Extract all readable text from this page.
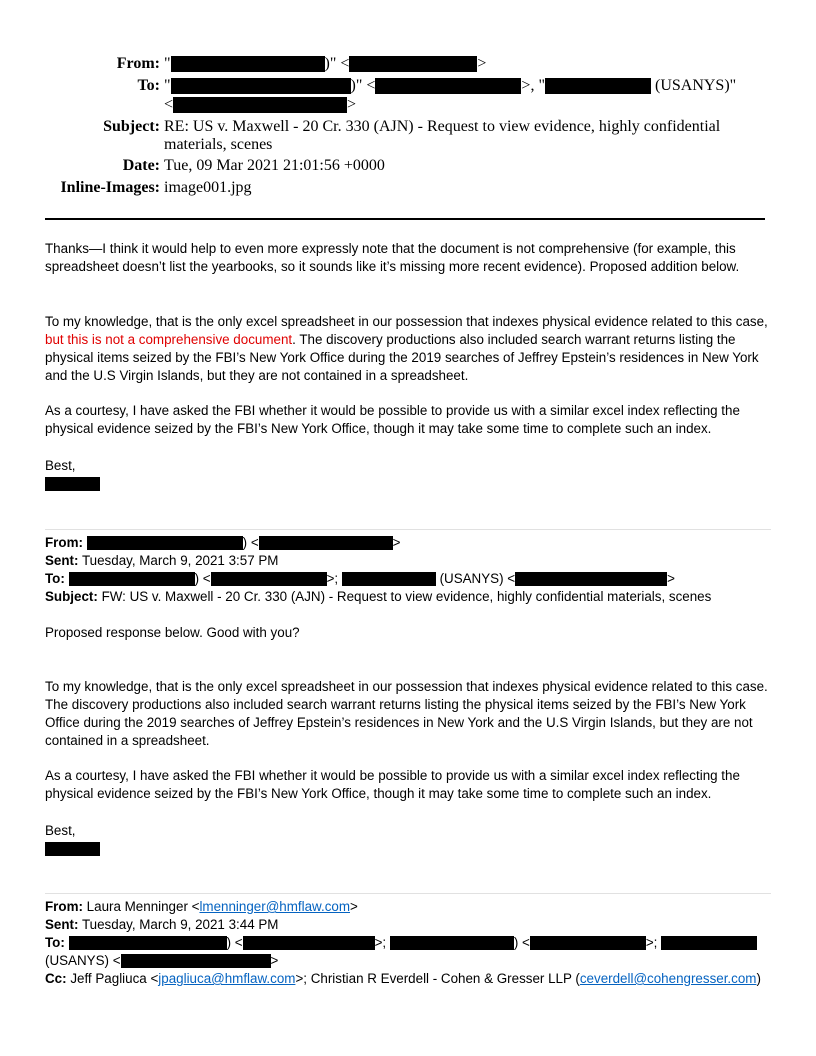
From: "	)" <	>
To: "	)" <	>, "	(USANYS)"
<	>
Subject: RE: US v. Maxwell - 20 Cr. 330 (AJN) - Request to view evidence, highly confidential
materials, scenes
Date: Tue, 09 Mar 2021 21:01:56 +0000
Inline-Images: image001.jpg

Thanks—I think it would help to even more expressly note that the document is not comprehensive (for example, this spreadsheet doesn’t list the yearbooks, so it sounds like it’s missing more recent evidence). Proposed addition below.

To my knowledge, that is the only excel spreadsheet in our possession that indexes physical evidence related to this case, but this is not a comprehensive document. The discovery productions also included search warrant returns listing the physical items seized by the FBI’s New York Office during the 2019 searches of Jeffrey Epstein’s residences in New York and the U.S Virgin Islands, but they are not contained in a spreadsheet.

As a courtesy, I have asked the FBI whether it would be possible to provide us with a similar excel index reflecting the physical evidence seized by the FBI’s New York Office, though it may take some time to complete such an index.

Best,

From:	) <	>
Sent: Tuesday, March 9, 2021 3:57 PM
To:	) <	>;	(USANYS) <	>
Subject: FW: US v. Maxwell - 20 Cr. 330 (AJN) - Request to view evidence, highly confidential materials, scenes

Proposed response below. Good with you?

To my knowledge, that is the only excel spreadsheet in our possession that indexes physical evidence related to this case. The discovery productions also included search warrant returns listing the physical items seized by the FBI’s New York Office during the 2019 searches of Jeffrey Epstein’s residences in New York and the U.S Virgin Islands, but they are not contained in a spreadsheet.

As a courtesy, I have asked the FBI whether it would be possible to provide us with a similar excel index reflecting the physical evidence seized by the FBI’s New York Office, though it may take some time to complete such an index.

Best,

From: Laura Menninger <lmenninger@hmflaw.com>
Sent: Tuesday, March 9, 2021 3:44 PM
To:	) <	>;	) <	>;
(USANYS) <	>
Cc: Jeff Pagliuca <jpagliuca@hmflaw.com>; Christian R Everdell - Cohen & Gresser LLP (ceverdell@cohengresser.com)
